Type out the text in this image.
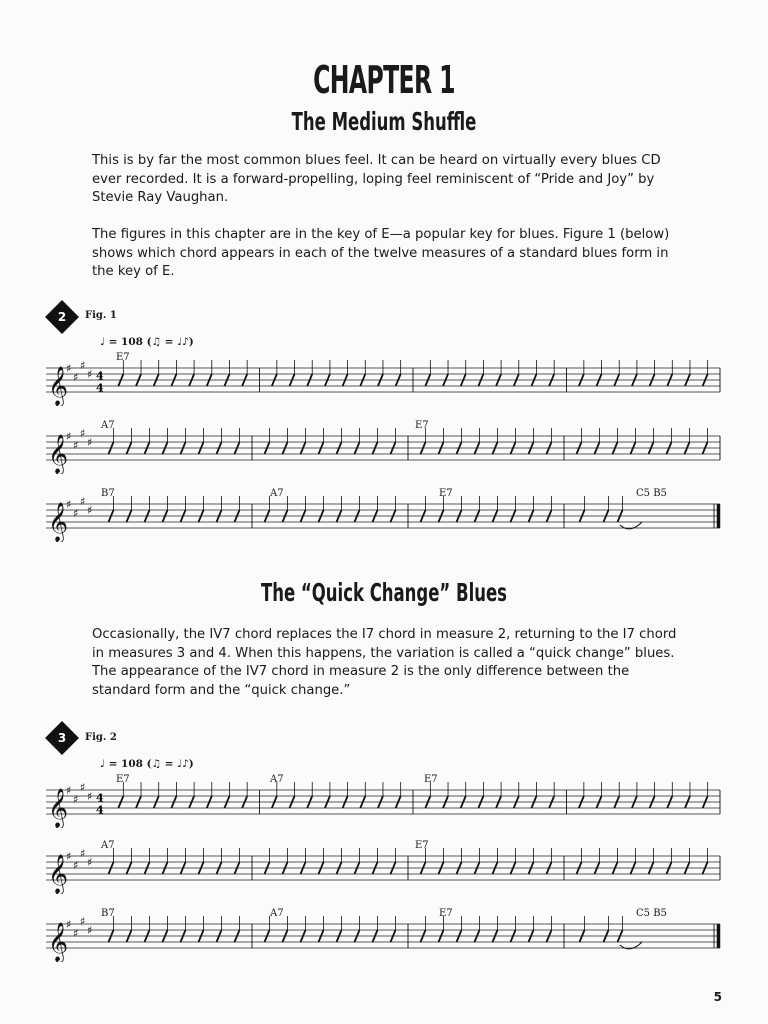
CHAPTER 1
The Medium Shuffle
This is by far the most common blues feel. It can be heard on virtually every blues CD ever recorded. It is a forward-propelling, loping feel reminiscent of “Pride and Joy” by Stevie Ray Vaughan.
The figures in this chapter are in the key of E—a popular key for blues. Figure 1 (below) shows which chord appears in each of the twelve measures of a standard blues form in the key of E.
2	Fig. 1
♩ = 108 (♫ = ♩♪)
E7
𝄞
♯
♯
♯
♯ 4
4
A7	E7
𝄞
♯
♯
♯
♯
B7	A7	E7	C5 B5
𝄞
♯
♯
♯
♯
The “Quick Change” Blues
Occasionally, the IV7 chord replaces the I7 chord in measure 2, returning to the I7 chord in measures 3 and 4. When this happens, the variation is called a “quick change” blues. The appearance of the IV7 chord in measure 2 is the only difference between the standard form and the “quick change.”
3	Fig. 2
♩ = 108 (♫ = ♩♪)
E7	A7	E7
𝄞
♯
♯
♯
♯ 4
4
A7	E7
𝄞
♯
♯
♯
♯
B7	A7	E7	C5 B5
𝄞
♯
♯
♯
♯
5
